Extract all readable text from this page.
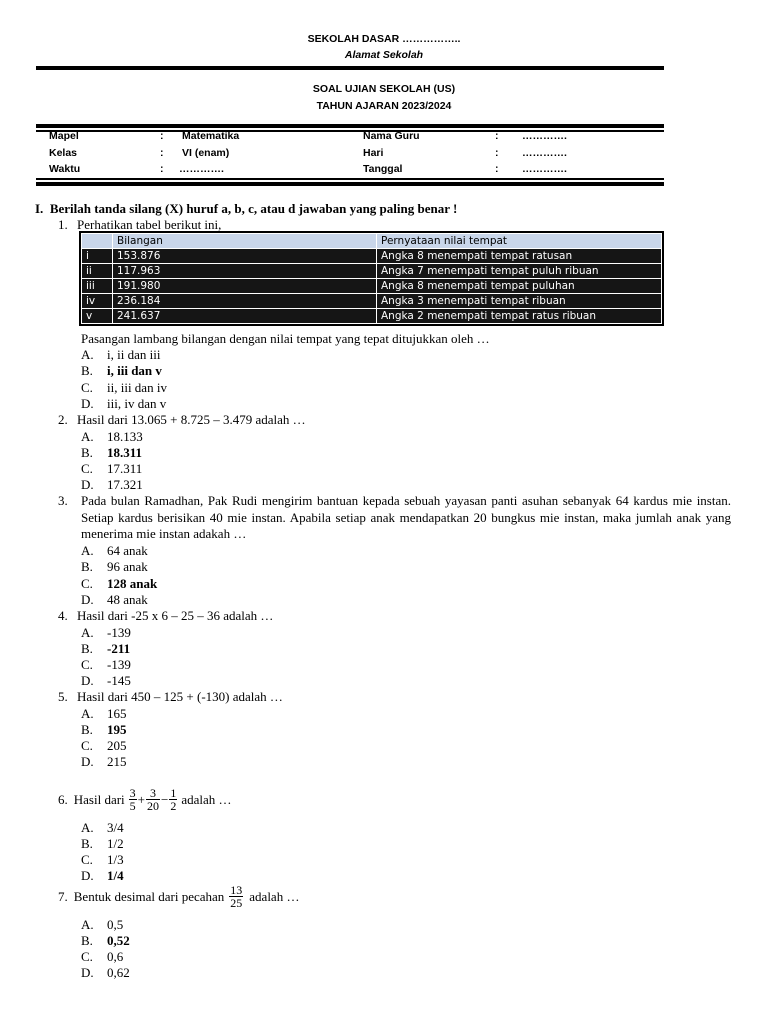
SEKOLAH DASAR ……………..
Alamat Sekolah
SOAL UJIAN SEKOLAH (US)
TAHUN AJARAN 2023/2024
Mapel	: Matematika	Nama Guru	: ………….
Kelas	: VI (enam)	Hari	: ………….
Waktu	: ………….	Tanggal	: ………….
I. Berilah tanda silang (X) huruf a, b, c, atau d jawaban yang paling benar !
1. Perhatikan tabel berikut ini,
	Bilangan	Pernyataan nilai tempat
i	153.876	Angka 8 menempati tempat ratusan
ii	117.963	Angka 7 menempati tempat puluh ribuan
iii	191.980	Angka 8 menempati tempat puluhan
iv	236.184	Angka 3 menempati tempat ribuan
v	241.637	Angka 2 menempati tempat ratus ribuan
Pasangan lambang bilangan dengan nilai tempat yang tepat ditujukkan oleh …
A. i, ii dan iii
B. i, iii dan v
C. ii, iii dan iv
D. iii, iv dan v
2. Hasil dari 13.065 + 8.725 – 3.479 adalah …
A. 18.133
B. 18.311
C. 17.311
D. 17.321
3. Pada bulan Ramadhan, Pak Rudi mengirim bantuan kepada sebuah yayasan panti asuhan sebanyak 64 kardus mie instan. Setiap kardus berisikan 40 mie instan. Apabila setiap anak mendapatkan 20 bungkus mie instan, maka jumlah anak yang menerima mie instan adakah …
A. 64 anak
B. 96 anak
C. 128 anak
D. 48 anak
4. Hasil dari -25 x 6 – 25 – 36 adalah …
A. -139
B. -211
C. -139
D. -145
5. Hasil dari 450 – 125 + (-130) adalah …
A. 165
B. 195
C. 205
D. 215
6. Hasil dari $\frac{3}{5} + \frac{3}{20} - \frac{1}{2}$ adalah …
A. 3/4
B. 1/2
C. 1/3
D. 1/4
7. Bentuk desimal dari pecahan $\frac{13}{25}$ adalah …
A. 0,5
B. 0,52
C. 0,6
D. 0,62
